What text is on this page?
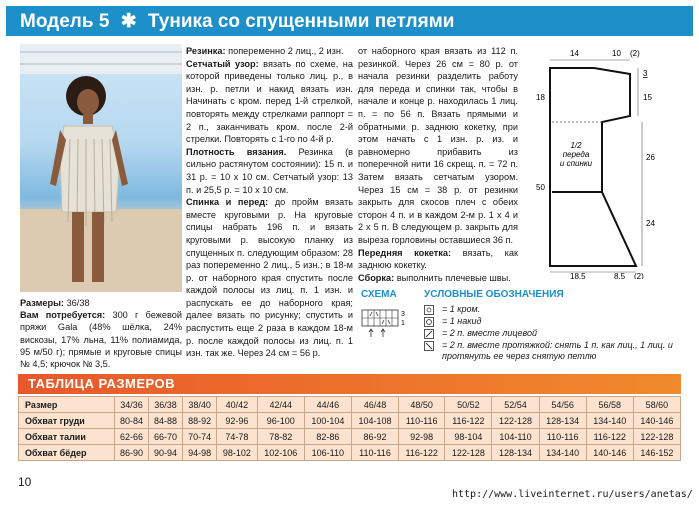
Модель 5 ✱ Туника со спущенными петлями
Размеры: 36/38
Вам потребуется: 300 г бежевой пряжи Gala (48% шёлка, 24% вискозы, 17% льна, 11% полиамида, 95 м/50 г); прямые и круговые спицы № 4,5; крючок № 3,5.

Резинка: попеременно 2 лиц., 2 изн.

Сетчатый узор: вязать по схеме, на которой приведены только лиц. р., в изн. р. петли и накид вязать изн. Начинать с кром. перед 1-й стрелкой, повторять между стрелками раппорт = 2 п., заканчивать кром. после 2-й стрелки. Повторять с 1-го по 4-й р.

Плотность вязания. Резинка (в сильно растянутом состоянии): 15 п. и 31 р. = 10 х 10 см. Сетчатый узор: 13 п. и 25,5 р. = 10 х 10 см.

Спинка и перед: до пройм вязать вместе круговыми р. На круговые спицы набрать 196 п. и вязать круговыми р. высокую планку из спущенных п. следующим образом: 28 раз попеременно 2 лиц., 5 изн.; в 18-м р. от наборного края спустить после каждой полосы из лиц. п. 1 изн. и распускать ее до наборного края; далее вязать по рисунку; спустить и распустить еще 2 раза в каждом 18-м р. после каждой полосы из лиц. п. 1 изн. так же. Через 24 см = 56 р.

от наборного края вязать из 112 п. резинкой. Через 26 см = 80 р. от начала резинки разделить работу для переда и спинки так, чтобы в начале и конце р. находилась 1 лиц. п. = по 56 п. Вязать прямыми и обратными р. заднюю кокетку, при этом начать с 1 изн. р. из. и равномерно прибавить из поперечной нити 16 скрещ. п. = 72 п. Затем вязать сетчатым узором. Через 15 см = 38 р. от резинки закрыть для скосов плеч с обеих сторон 4 п. и в каждом 2-м р. 1 х 4 и 2 х 5 п. В следующем р. закрыть для выреза горловины оставшиеся 36 п.

Передняя кокетка: вязать, как заднюю кокетку.

Сборка: выполнить плечевые швы.

СХЕМА
3
1
УСЛОВНЫЕ ОБОЗНАЧЕНИЯ
= 1 кром.
= 1 накид
= 2 п. вместе лицевой
= 2 п. вместе протяжкой: снять 1 п. как лиц., 1 лиц. и протянуть ее через снятую петлю
14	10 (2)
3
15
18
1/2
переда
и спинки
26
50
24
18,5	8,5 (2)
ТАБЛИЦА РАЗМЕРОВ
Размер	34/36	36/38	38/40	40/42	42/44	44/46	46/48	48/50	50/52	52/54	54/56	56/58	58/60
Обхват груди	80-84	84-88	88-92	92-96	96-100	100-104	104-108	110-116	116-122	122-128	128-134	134-140	140-146
Обхват талии	62-66	66-70	70-74	74-78	78-82	82-86	86-92	92-98	98-104	104-110	110-116	116-122	122-128
Обхват бёдер	86-90	90-94	94-98	98-102	102-106	106-110	110-116	116-122	122-128	128-134	134-140	140-146	146-152
10
http://www.liveinternet.ru/users/anetas/
